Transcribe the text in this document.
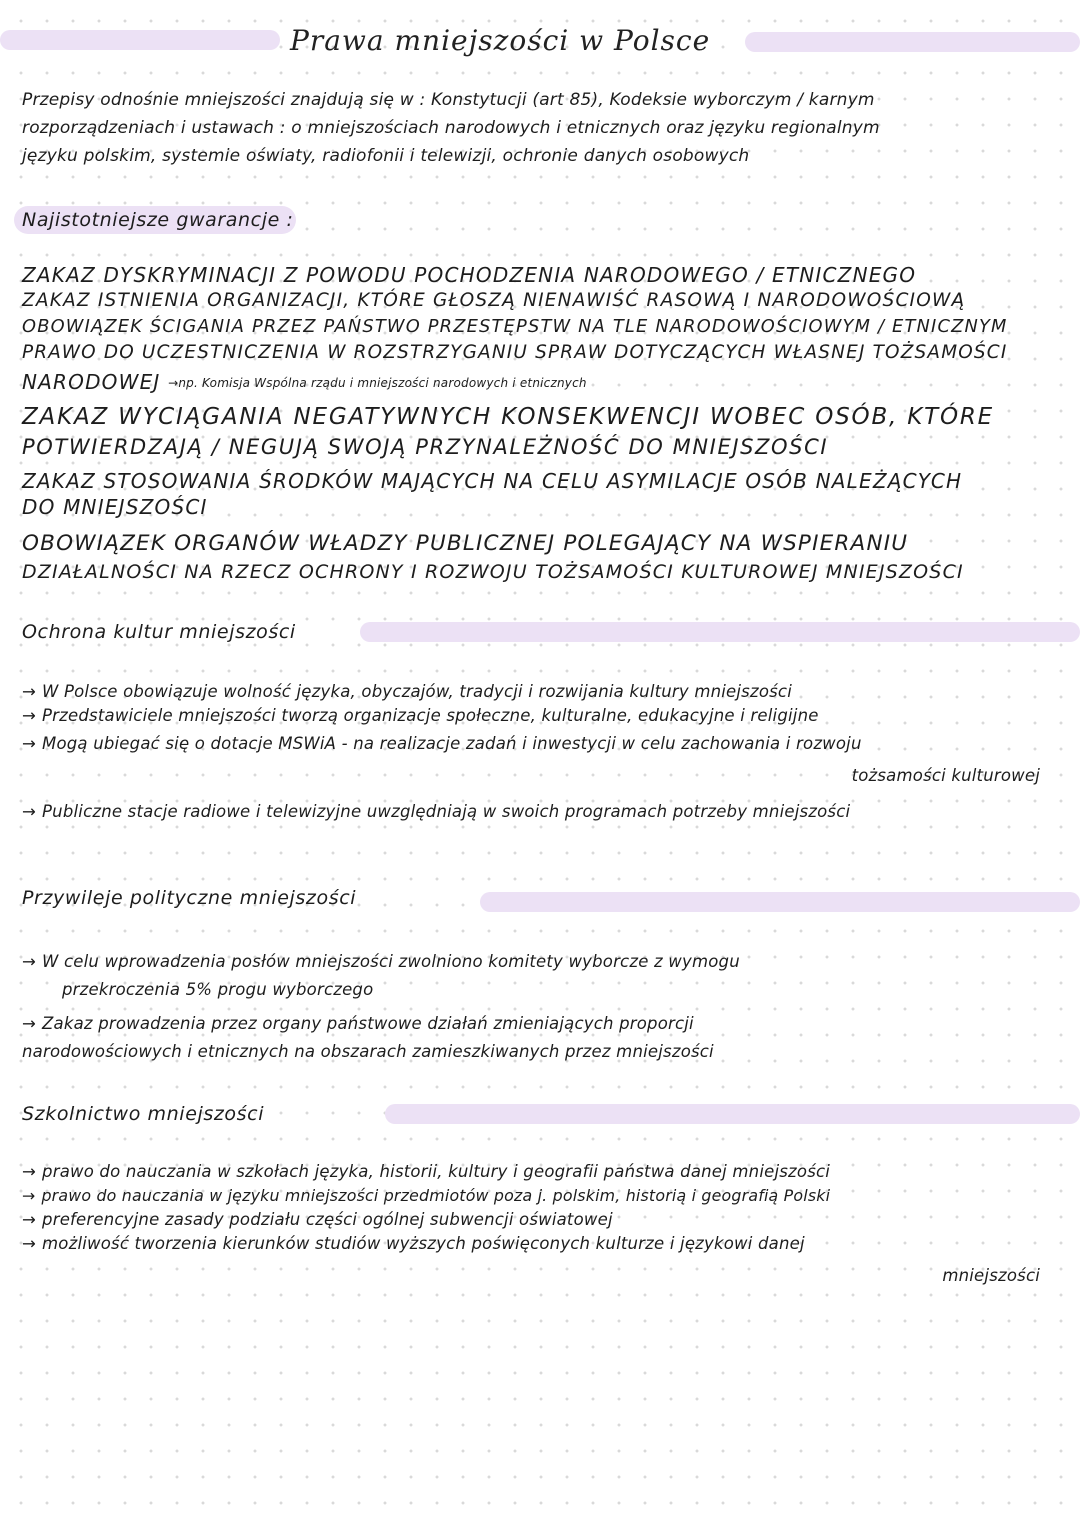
Prawa mniejszości w Polsce
Przepisy odnośnie mniejszości znajdują się w : Konstytucji (art 85), Kodeksie wyborczym / karnym
rozporządzeniach i ustawach : o mniejszościach narodowych i etnicznych oraz języku regionalnym
języku polskim, systemie oświaty, radiofonii i telewizji, ochronie danych osobowych
Najistotniejsze gwarancje :
ZAKAZ DYSKRYMINACJI Z POWODU POCHODZENIA NARODOWEGO / ETNICZNEGO
ZAKAZ ISTNIENIA ORGANIZACJI, KTÓRE GŁOSZĄ NIENAWIŚĆ RASOWĄ I NARODOWOŚCIOWĄ
OBOWIĄZEK ŚCIGANIA PRZEZ PAŃSTWO PRZESTĘPSTW NA TLE NARODOWOŚCIOWYM / ETNICZNYM
PRAWO DO UCZESTNICZENIA W ROZSTRZYGANIU SPRAW DOTYCZĄCYCH WŁASNEJ TOŻSAMOŚCI
NARODOWEJ →np. Komisja Wspólna rządu i mniejszości narodowych i etnicznych
ZAKAZ WYCIĄGANIA NEGATYWNYCH KONSEKWENCJI WOBEC OSÓB, KTÓRE
POTWIERDZAJĄ / NEGUJĄ SWOJĄ PRZYNALEŻNOŚĆ DO MNIEJSZOŚCI
ZAKAZ STOSOWANIA ŚRODKÓW MAJĄCYCH NA CELU ASYMILACJE OSÓB NALEŻĄCYCH
DO MNIEJSZOŚCI
OBOWIĄZEK ORGANÓW WŁADZY PUBLICZNEJ POLEGAJĄCY NA WSPIERANIU
DZIAŁALNOŚCI NA RZECZ OCHRONY I ROZWOJU TOŻSAMOŚCI KULTUROWEJ MNIEJSZOŚCI
Ochrona kultur mniejszości
→ W Polsce obowiązuje wolność języka, obyczajów, tradycji i rozwijania kultury mniejszości
→ Przedstawiciele mniejszości tworzą organizacje społeczne, kulturalne, edukacyjne i religijne
→ Mogą ubiegać się o dotacje MSWiA - na realizacje zadań i inwestycji w celu zachowania i rozwoju
tożsamości kulturowej
→ Publiczne stacje radiowe i telewizyjne uwzględniają w swoich programach potrzeby mniejszości
Przywileje polityczne mniejszości
→ W celu wprowadzenia posłów mniejszości zwolniono komitety wyborcze z wymogu
przekroczenia 5% progu wyborczego
→ Zakaz prowadzenia przez organy państwowe działań zmieniających proporcji
narodowościowych i etnicznych na obszarach zamieszkiwanych przez mniejszości
Szkolnictwo mniejszości
→ prawo do nauczania w szkołach języka, historii, kultury i geografii państwa danej mniejszości
→ prawo do nauczania w języku mniejszości przedmiotów poza j. polskim, historią i geografią Polski
→ preferencyjne zasady podziału części ogólnej subwencji oświatowej
→ możliwość tworzenia kierunków studiów wyższych poświęconych kulturze i językowi danej
mniejszości
